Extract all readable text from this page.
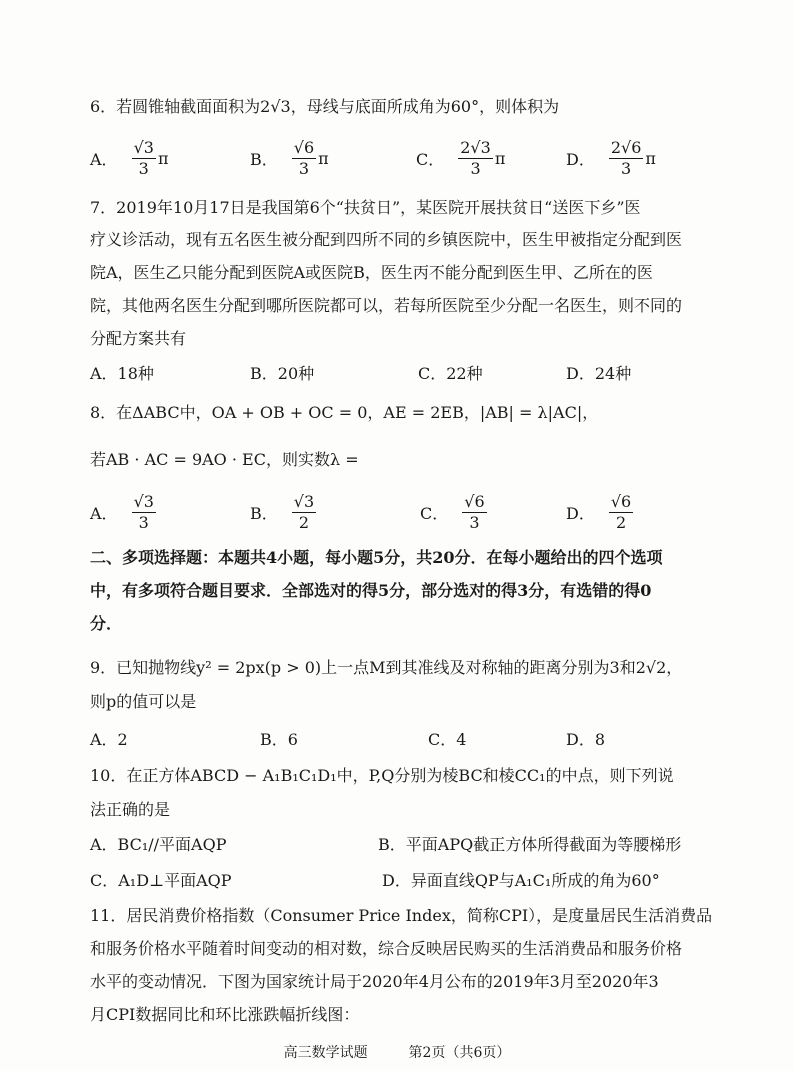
6．若圆锥轴截面面积为2√3，母线与底面所成角为60°，则体积为
A． $\frac{√3}{3}$ π	B． $\frac{√6}{3}$ π	C． $\frac{2√3}{3}$ π	D． $\frac{2√6}{3}$ π
7．2019年10月17日是我国第6个“扶贫日”，某医院开展扶贫日“送医下乡”医
疗义诊活动，现有五名医生被分配到四所不同的乡镇医院中，医生甲被指定分配到医
院A，医生乙只能分配到医院A或医院B，医生丙不能分配到医生甲、乙所在的医
院，其他两名医生分配到哪所医院都可以，若每所医院至少分配一名医生，则不同的
分配方案共有
A．18种	B．20种	C．22种	D．24种
8．在ΔABC中，OA + OB + OC = 0，AE = 2EB，|AB| = λ|AC|，
若AB · AC = 9AO · EC，则实数λ =
A． $\frac{√3}{3}$	B． $\frac{√3}{2}$	C． $\frac{√6}{3}$	D． $\frac{√6}{2}$
二、多项选择题：本题共4小题，每小题5分，共20分．在每小题给出的四个选项
中，有多项符合题目要求．全部选对的得5分，部分选对的得3分，有选错的得0
分．
9．已知抛物线y² = 2px(p > 0)上一点M到其准线及对称轴的距离分别为3和2√2，
则p的值可以是
A．2	B．6	C．4	D．8
10．在正方体ABCD − A₁B₁C₁D₁中，P,Q分别为棱BC和棱CC₁的中点，则下列说
法正确的是
A．BC₁//平面AQP	B．平面APQ截正方体所得截面为等腰梯形
C．A₁D⊥平面AQP	D．异面直线QP与A₁C₁所成的角为60°
11．居民消费价格指数（Consumer Price Index，简称CPI），是度量居民生活消费品
和服务价格水平随着时间变动的相对数，综合反映居民购买的生活消费品和服务价格
水平的变动情况．下图为国家统计局于2020年4月公布的2019年3月至2020年3
月CPI数据同比和环比涨跌幅折线图：
高三数学试题	第2页（共6页）
